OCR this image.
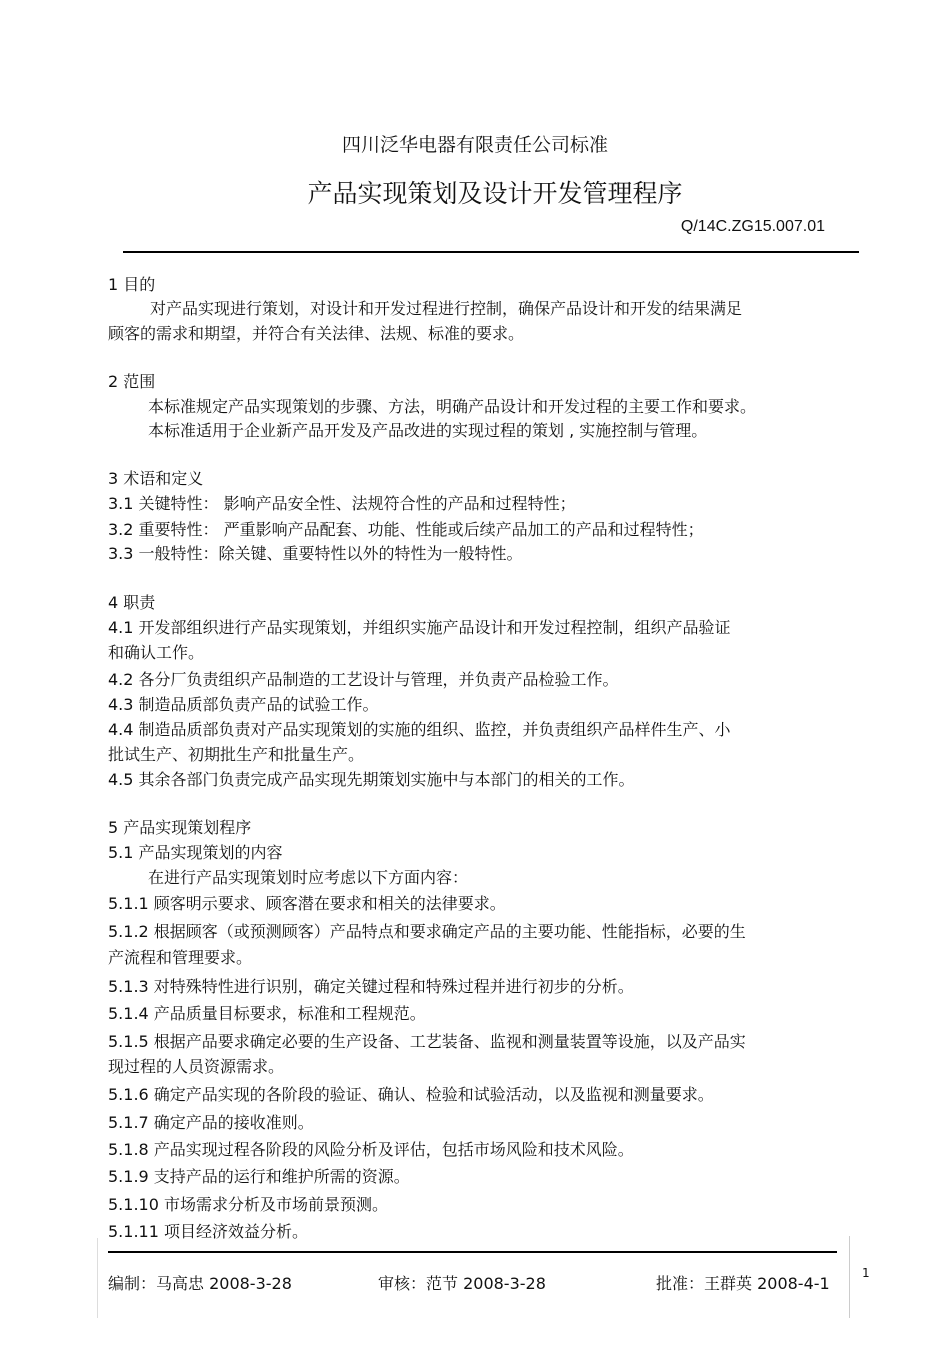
四川泛华电器有限责任公司标准
产品实现策划及设计开发管理程序
Q/14C.ZG15.007.01
1 目的
对产品实现进行策划，对设计和开发过程进行控制，确保产品设计和开发的结果满足
顾客的需求和期望，并符合有关法律、法规、标准的要求。
2 范围
本标准规定产品实现策划的步骤、方法，明确产品设计和开发过程的主要工作和要求。
本标准适用于企业新产品开发及产品改进的实现过程的策划 , 实施控制与管理。
3 术语和定义
3.1 关键特性： 影响产品安全性、法规符合性的产品和过程特性；
3.2 重要特性： 严重影响产品配套、功能、性能或后续产品加工的产品和过程特性；
3.3 一般特性：除关键、重要特性以外的特性为一般特性。
4 职责
4.1 开发部组织进行产品实现策划，并组织实施产品设计和开发过程控制，组织产品验证
和确认工作。
4.2 各分厂负责组织产品制造的工艺设计与管理，并负责产品检验工作。
4.3 制造品质部负责产品的试验工作。
4.4 制造品质部负责对产品实现策划的实施的组织、监控，并负责组织产品样件生产、小
批试生产、初期批生产和批量生产。
4.5 其余各部门负责完成产品实现先期策划实施中与本部门的相关的工作。
5 产品实现策划程序
5.1 产品实现策划的内容
在进行产品实现策划时应考虑以下方面内容：
5.1.1 顾客明示要求、顾客潜在要求和相关的法律要求。
5.1.2 根据顾客（或预测顾客）产品特点和要求确定产品的主要功能、性能指标，必要的生
产流程和管理要求。
5.1.3 对特殊特性进行识别，确定关键过程和特殊过程并进行初步的分析。
5.1.4 产品质量目标要求，标准和工程规范。
5.1.5 根据产品要求确定必要的生产设备、工艺装备、监视和测量装置等设施，以及产品实
现过程的人员资源需求。
5.1.6 确定产品实现的各阶段的验证、确认、检验和试验活动，以及监视和测量要求。
5.1.7 确定产品的接收准则。
5.1.8 产品实现过程各阶段的风险分析及评估，包括市场风险和技术风险。
5.1.9 支持产品的运行和维护所需的资源。
5.1.10 市场需求分析及市场前景预测。
5.1.11 项目经济效益分析。
编制：马高忠 2008-3-28	审核：范节 2008-3-28	批准：王群英 2008-4-1
1
